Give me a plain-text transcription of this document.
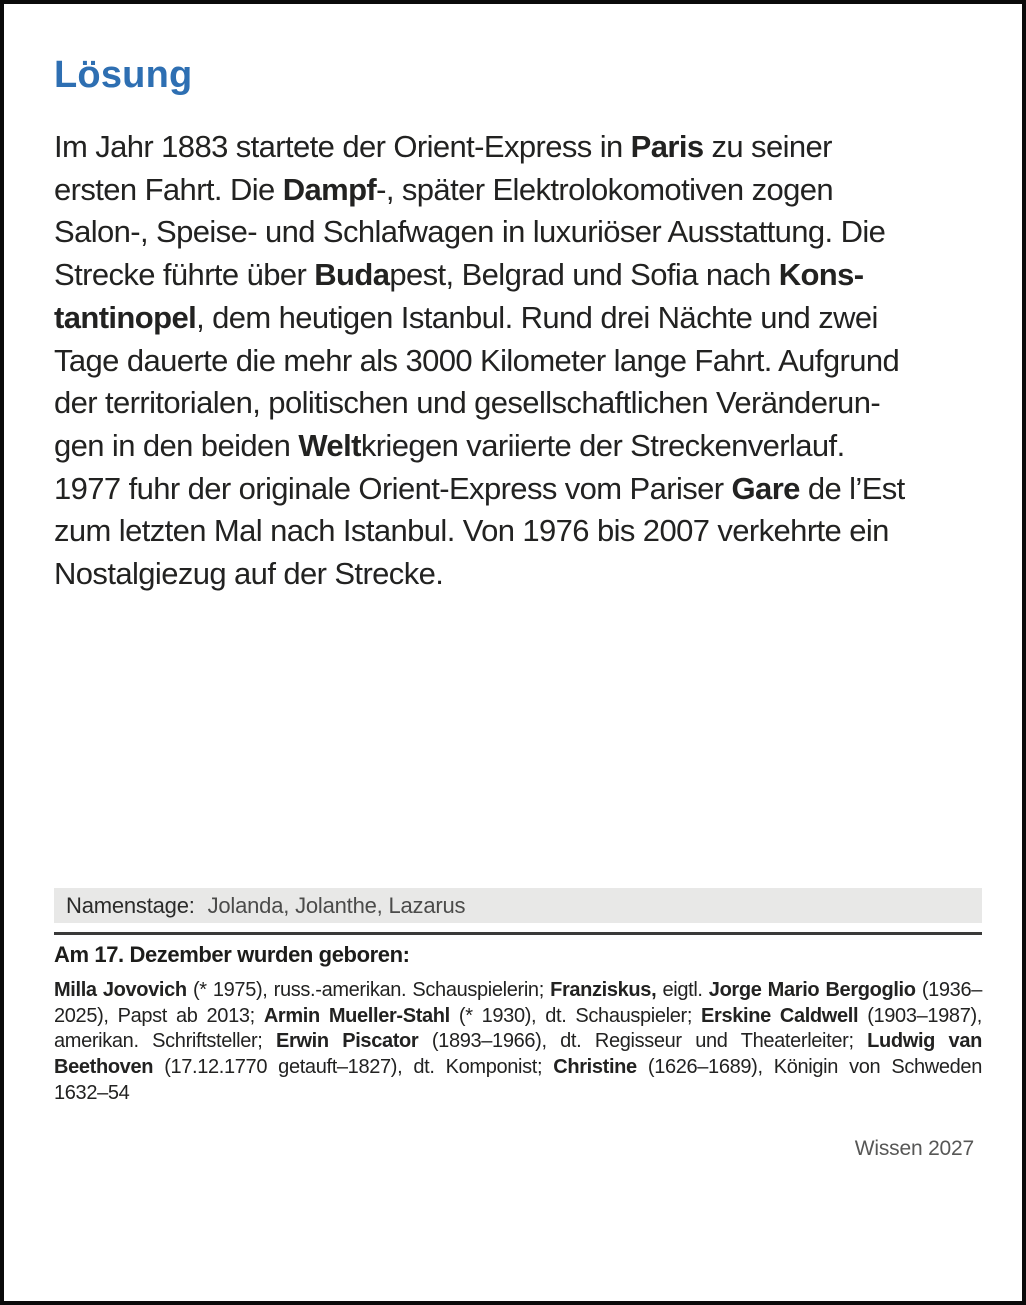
Lösung
Im Jahr 1883 startete der Orient-Express in Paris zu seiner
ersten Fahrt. Die Dampf-, später Elektrolokomotiven zogen
Salon-, Speise- und Schlafwagen in luxuriöser Ausstattung. Die
Strecke führte über Budapest, Belgrad und Sofia nach Kons-
tantinopel, dem heutigen Istanbul. Rund drei Nächte und zwei
Tage dauerte die mehr als 3000 Kilometer lange Fahrt. Aufgrund
der territorialen, politischen und gesellschaftlichen Veränderun-
gen in den beiden Weltkriegen variierte der Streckenverlauf.
1977 fuhr der originale Orient-Express vom Pariser Gare de l’Est
zum letzten Mal nach Istanbul. Von 1976 bis 2007 verkehrte ein
Nostalgiezug auf der Strecke.
Namenstage: Jolanda, Jolanthe, Lazarus
Am 17. Dezember wurden geboren:
Milla Jovovich (* 1975), russ.-amerikan. Schauspielerin; Franziskus, eigtl. Jorge Mario Bergoglio (1936–2025), Papst ab 2013; Armin Mueller-Stahl (* 1930), dt. Schauspieler; Erskine Caldwell (1903–1987), amerikan. Schriftsteller; Erwin Piscator (1893–1966), dt. Regisseur und Theaterleiter; Ludwig van Beethoven (17.12.1770 getauft–1827), dt. Komponist; Christine (1626–1689), Königin von Schweden 1632–54
Wissen 2027
